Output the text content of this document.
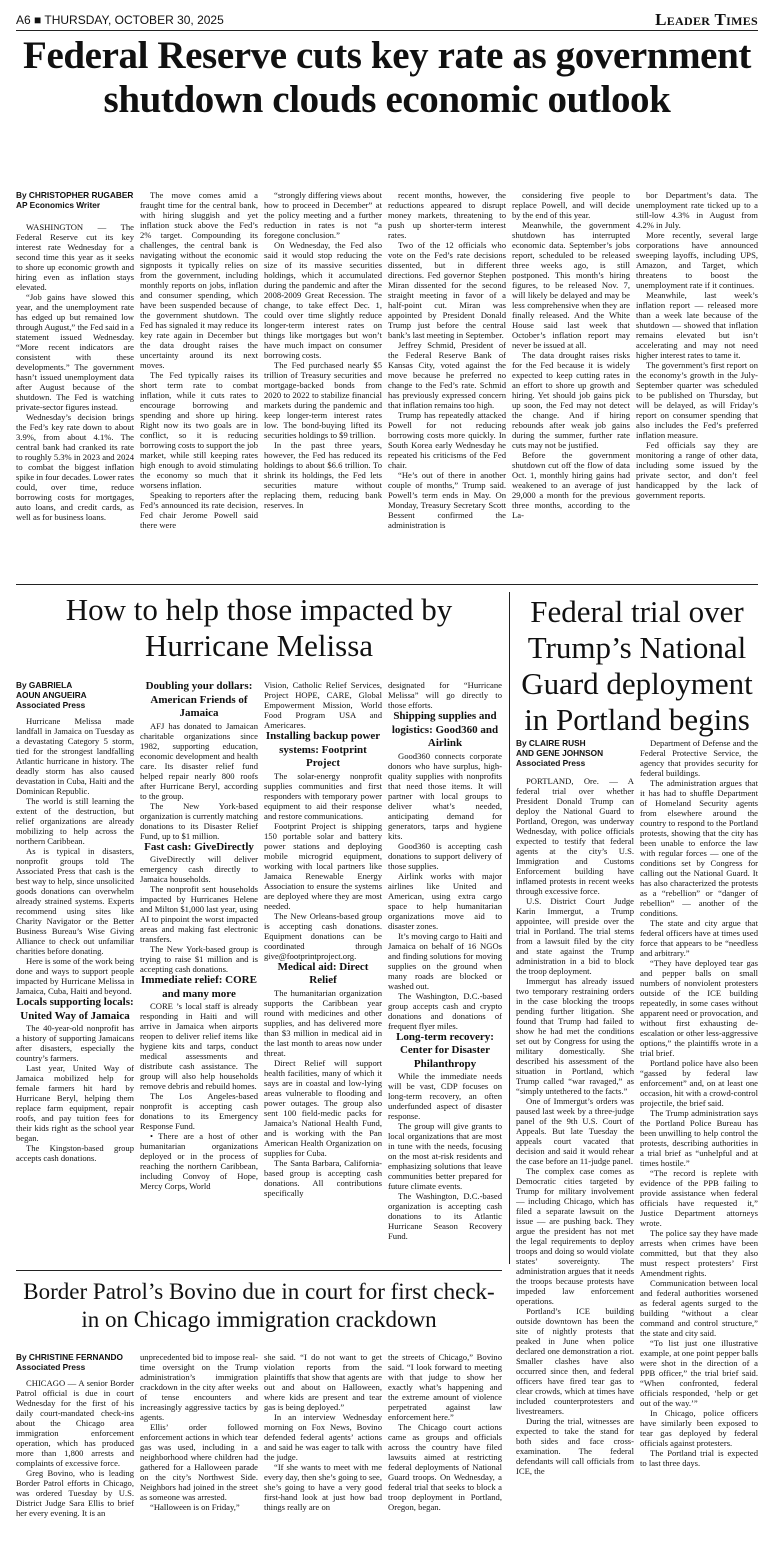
A6 ■ THURSDAY, OCTOBER 30, 2025	Leader Times
Federal Reserve cuts key rate as government shutdown clouds economic outlook
By CHRISTOPHER RUGABER
AP Economics Writer

WASHINGTON — The Federal Reserve cut its key interest rate Wednesday for a second time this year as it seeks to shore up economic growth and hiring even as inflation stays elevated.

“Job gains have slowed this year, and the unemployment rate has edged up but remained low through August,” the Fed said in a statement issued Wednesday. “More recent indicators are consistent with these developments.” The government hasn’t issued unemployment data after August because of the shutdown. The Fed is watching private-sector figures instead.

Wednesday’s decision brings the Fed’s key rate down to about 3.9%, from about 4.1%. The central bank had cranked its rate to roughly 5.3% in 2023 and 2024 to combat the biggest inflation spike in four decades. Lower rates could, over time, reduce borrowing costs for mortgages, auto loans, and credit cards, as well as for business loans.

The move comes amid a fraught time for the central bank, with hiring sluggish and yet inflation stuck above the Fed’s 2% target. Compounding its challenges, the central bank is navigating without the economic signposts it typically relies on from the government, including monthly reports on jobs, inflation and consumer spending, which have been suspended because of the government shutdown. The Fed has signaled it may reduce its key rate again in December but the data drought raises the uncertainty around its next moves.

The Fed typically raises its short term rate to combat inflation, while it cuts rates to encourage borrowing and spending and shore up hiring. Right now its two goals are in conflict, so it is reducing borrowing costs to support the job market, while still keeping rates high enough to avoid stimulating the economy so much that it worsens inflation.

Speaking to reporters after the Fed’s announced its rate decision, Fed chair Jerome Powell said there were

“strongly differing views about how to proceed in December” at the policy meeting and a further reduction in rates is not “a foregone conclusion.”

On Wednesday, the Fed also said it would stop reducing the size of its massive securities holdings, which it accumulated during the pandemic and after the 2008-2009 Great Recession. The change, to take effect Dec. 1, could over time slightly reduce longer-term interest rates on things like mortgages but won’t have much impact on consumer borrowing costs.

The Fed purchased nearly $5 trillion of Treasury securities and mortgage-backed bonds from 2020 to 2022 to stabilize financial markets during the pandemic and keep longer-term interest rates low. The bond-buying lifted its securities holdings to $9 trillion.

In the past three years, however, the Fed has reduced its holdings to about $6.6 trillion. To shrink its holdings, the Fed lets securities mature without replacing them, reducing bank reserves. In

recent months, however, the reductions appeared to disrupt money markets, threatening to push up shorter-term interest rates.

Two of the 12 officials who vote on the Fed’s rate decisions dissented, but in different directions. Fed governor Stephen Miran dissented for the second straight meeting in favor of a half-point cut. Miran was appointed by President Donald Trump just before the central bank’s last meeting in September.

Jeffrey Schmid, President of the Federal Reserve Bank of Kansas City, voted against the move because he preferred no change to the Fed’s rate. Schmid has previously expressed concern that inflation remains too high.

Trump has repeatedly attacked Powell for not reducing borrowing costs more quickly. In South Korea early Wednesday he repeated his criticisms of the Fed chair.

“He’s out of there in another couple of months,” Trump said. Powell’s term ends in May. On Monday, Treasury Secretary Scott Bessent confirmed the administration is

considering five people to replace Powell, and will decide by the end of this year.

Meanwhile, the government shutdown has interrupted economic data. September’s jobs report, scheduled to be released three weeks ago, is still postponed. This month’s hiring figures, to be released Nov. 7, will likely be delayed and may be less comprehensive when they are finally released. And the White House said last week that October’s inflation report may never be issued at all.

The data drought raises risks for the Fed because it is widely expected to keep cutting rates in an effort to shore up growth and hiring. Yet should job gains pick up soon, the Fed may not detect the change. And if hiring rebounds after weak job gains during the summer, further rate cuts may not be justified.

Before the government shutdown cut off the flow of data Oct. 1, monthly hiring gains had weakened to an average of just 29,000 a month for the previous three months, according to the La-

bor Department’s data. The unemployment rate ticked up to a still-low 4.3% in August from 4.2% in July.

More recently, several large corporations have announced sweeping layoffs, including UPS, Amazon, and Target, which threatens to boost the unemployment rate if it continues.

Meanwhile, last week’s inflation report — released more than a week late because of the shutdown — showed that inflation remains elevated but isn’t accelerating and may not need higher interest rates to tame it.

The government’s first report on the economy’s growth in the July-September quarter was scheduled to be published on Thursday, but will be delayed, as will Friday’s report on consumer spending that also includes the Fed’s preferred inflation measure.

Fed officials say they are monitoring a range of other data, including some issued by the private sector, and don’t feel handicapped by the lack of government reports.

How to help those impacted by Hurricane Melissa
By GABRIELA
AOUN ANGUEIRA
Associated Press

Hurricane Melissa made landfall in Jamaica on Tuesday as a devastating Category 5 storm, tied for the strongest landfalling Atlantic hurricane in history. The deadly storm has also caused devastation in Cuba, Haiti and the Dominican Republic.

The world is still learning the extent of the destruction, but relief organizations are already mobilizing to help across the northern Caribbean.

As is typical in disasters, nonprofit groups told The Associated Press that cash is the best way to help, since unsolicited goods donations can overwhelm already strained systems. Experts recommend using sites like Charity Navigator or the Better Business Bureau’s Wise Giving Alliance to check out unfamiliar charities before donating.

Here is some of the work being done and ways to support people impacted by Hurricane Melissa in Jamaica, Cuba, Haiti and beyond.

Locals supporting locals: United Way of Jamaica

The 40-year-old nonprofit has a history of supporting Jamaicans after disasters, especially the country’s farmers.

Last year, United Way of Jamaica mobilized help for female farmers hit hard by Hurricane Beryl, helping them replace farm equipment, repair roofs, and pay tuition fees for their kids right as the school year began.

The Kingston-based group accepts cash donations.

Doubling your dollars: American Friends of Jamaica

AFJ has donated to Jamaican charitable organizations since 1982, supporting education, economic development and health care. Its disaster relief fund helped repair nearly 800 roofs after Hurricane Beryl, according to the group.

The New York-based organization is currently matching donations to its Disaster Relief Fund, up to $1 million.

Fast cash: GiveDirectly

GiveDirectly will deliver emergency cash directly to Jamaica households.

The nonprofit sent households impacted by Hurricanes Helene and Milton $1,000 last year, using AI to pinpoint the worst impacted areas and making fast electronic transfers.

The New York-based group is trying to raise $1 million and is accepting cash donations.

Immediate relief: CORE and many more

CORE ’s local staff is already responding in Haiti and will arrive in Jamaica when airports reopen to deliver relief items like hygiene kits and tarps, conduct medical assessments and distribute cash assistance. The group will also help households remove debris and rebuild homes.

The Los Angeles-based nonprofit is accepting cash donations to its Emergency Response Fund.

• There are a host of other humanitarian organizations deployed or in the process of reaching the northern Caribbean, including Convoy of Hope, Mercy Corps, World

Vision, Catholic Relief Services, Project HOPE, CARE, Global Empowerment Mission, World Food Program USA and Americares.

Installing backup power systems: Footprint Project

The solar-energy nonprofit supplies communities and first responders with temporary power equipment to aid their response and restore communications.

Footprint Project is shipping 150 portable solar and battery power stations and deploying mobile microgrid equipment, working with local partners like Jamaica Renewable Energy Association to ensure the systems are deployed where they are most needed.

The New Orleans-based group is accepting cash donations. Equipment donations can be coordinated through give@footprintproject.org.

Medical aid: Direct Relief

The humanitarian organization supports the Caribbean year round with medicines and other supplies, and has delivered more than $3 million in medical aid in the last month to areas now under threat.

Direct Relief will support health facilities, many of which it says are in coastal and low-lying areas vulnerable to flooding and power outages. The group also sent 100 field-medic packs for Jamaica’s National Health Fund, and is working with the Pan American Health Organization on supplies for Cuba.

The Santa Barbara, California-based group is accepting cash donations. All contributions specifically

designated for “Hurricane Melissa” will go directly to those efforts.

Shipping supplies and logistics: Good360 and Airlink

Good360 connects corporate donors who have surplus, high-quality supplies with nonprofits that need those items. It will partner with local groups to deliver what’s needed, anticipating demand for generators, tarps and hygiene kits.

Good360 is accepting cash donations to support delivery of those supplies.

Airlink works with major airlines like United and American, using extra cargo space to help humanitarian organizations move aid to disaster zones.

It’s moving cargo to Haiti and Jamaica on behalf of 16 NGOs and finding solutions for moving supplies on the ground when many roads are blocked or washed out.

The Washington, D.C.-based group accepts cash and crypto donations and donations of frequent flyer miles.

Long-term recovery: Center for Disaster Philanthropy

While the immediate needs will be vast, CDP focuses on long-term recovery, an often underfunded aspect of disaster response.

The group will give grants to local organizations that are most in tune with the needs, focusing on the most at-risk residents and emphasizing solutions that leave communities better prepared for future climate events.

The Washington, D.C.-based organization is accepting cash donations to its Atlantic Hurricane Season Recovery Fund.

Federal trial over Trump’s National Guard deployment in Portland begins
By CLAIRE RUSH
AND GENE JOHNSON
Associated Press

PORTLAND, Ore. — A federal trial over whether President Donald Trump can deploy the National Guard to Portland, Oregon, was underway Wednesday, with police officials expected to testify that federal agents at the city’s U.S. Immigration and Customs Enforcement building have inflamed protests in recent weeks through excessive force.

U.S. District Court Judge Karin Immergut, a Trump appointee, will preside over the trial in Portland. The trial stems from a lawsuit filed by the city and state against the Trump administration in a bid to block the troop deployment.

Immergut has already issued two temporary restraining orders in the case blocking the troops pending further litigation. She found that Trump had failed to show he had met the conditions set out by Congress for using the military domestically. She described his assessment of the situation in Portland, which Trump called “war ravaged,” as “simply untethered to the facts.”

One of Immergut’s orders was paused last week by a three-judge panel of the 9th U.S. Court of Appeals. But late Tuesday the appeals court vacated that decision and said it would rehear the case before an 11-judge panel.

The complex case comes as Democratic cities targeted by Trump for military involvement — including Chicago, which has filed a separate lawsuit on the issue — are pushing back. They argue the president has not met the legal requirements to deploy troops and doing so would violate states’ sovereignty. The administration argues that it needs the troops because protests have impeded law enforcement operations.

Portland’s ICE building outside downtown has been the site of nightly protests that peaked in June when police declared one demonstration a riot. Smaller clashes have also occurred since then, and federal officers have fired tear gas to clear crowds, which at times have included counterprotesters and livestreamers.

During the trial, witnesses are expected to take the stand for both sides and face cross-examination. The federal defendants will call officials from ICE, the

Department of Defense and the Federal Protective Service, the agency that provides security for federal buildings.

The administration argues that it has had to shuffle Department of Homeland Security agents from elsewhere around the country to respond to the Portland protests, showing that the city has been unable to enforce the law with regular forces — one of the conditions set by Congress for calling out the National Guard. It has also characterized the protests as a “rebellion” or “danger of rebellion” — another of the conditions.

The state and city argue that federal officers have at times used force that appears to be “needless and arbitrary.”

“They have deployed tear gas and pepper balls on small numbers of nonviolent protesters outside of the ICE building repeatedly, in some cases without apparent need or provocation, and without first exhausting de-escalation or other less-aggressive options,” the plaintiffs wrote in a trial brief.

Portland police have also been “gassed by federal law enforcement” and, on at least one occasion, hit with a crowd-control projectile, the brief said.

The Trump administration says the Portland Police Bureau has been unwilling to help control the protests, describing authorities in a trial brief as “unhelpful and at times hostile.”

“The record is replete with evidence of the PPB failing to provide assistance when federal officials have requested it,” Justice Department attorneys wrote.

The police say they have made arrests when crimes have been committed, but that they also must respect protesters’ First Amendment rights.

Communication between local and federal authorities worsened as federal agents surged to the building “without a clear command and control structure,” the state and city said.

“To list just one illustrative example, at one point pepper balls were shot in the direction of a PPB officer,” the trial brief said. “When confronted, federal officials responded, ‘help or get out of the way.’”

In Chicago, police officers have similarly been exposed to tear gas deployed by federal officials against protesters.

The Portland trial is expected to last three days.

Border Patrol’s Bovino due in court for first check-in on Chicago immigration crackdown
By CHRISTINE FERNANDO
Associated Press

CHICAGO — A senior Border Patrol official is due in court Wednesday for the first of his daily court-mandated check-ins about the Chicago area immigration enforcement operation, which has produced more than 1,800 arrests and complaints of excessive force.

Greg Bovino, who is leading Border Patrol efforts in Chicago, was ordered Tuesday by U.S. District Judge Sara Ellis to brief her every evening. It is an

unprecedented bid to impose real-time oversight on the Trump administration’s immigration crackdown in the city after weeks of tense encounters and increasingly aggressive tactics by agents.

Ellis’ order followed enforcement actions in which tear gas was used, including in a neighborhood where children had gathered for a Halloween parade on the city’s Northwest Side. Neighbors had joined in the street as someone was arrested.

“Halloween is on Friday,”

she said. “I do not want to get violation reports from the plaintiffs that show that agents are out and about on Halloween, where kids are present and tear gas is being deployed.”

In an interview Wednesday morning on Fox News, Bovino defended federal agents’ actions and said he was eager to talk with the judge.

“If she wants to meet with me every day, then she’s going to see, she’s going to have a very good first-hand look at just how bad things really are on

the streets of Chicago,” Bovino said. “I look forward to meeting with that judge to show her exactly what’s happening and the extreme amount of violence perpetrated against law enforcement here.”

The Chicago court actions came as groups and officials across the country have filed lawsuits aimed at restricting federal deployments of National Guard troops. On Wednesday, a federal trial that seeks to block a troop deployment in Portland, Oregon, began.
